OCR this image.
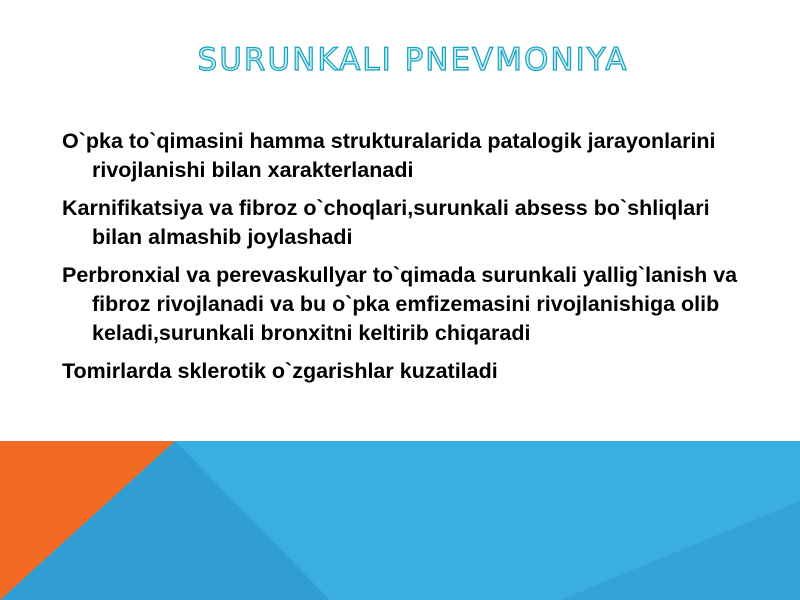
SURUNKALI PNEVMONIYA
O`pka to`qimasini hamma strukturalarida patalogik jarayonlarini rivojlanishi bilan xarakterlanadi
Karnifikatsiya va fibroz o`choqlari,surunkali absess bo`shliqlari bilan almashib joylashadi
Perbronxial va perevaskullyar to`qimada surunkali yallig`lanish va fibroz rivojlanadi va bu o`pka emfizemasini rivojlanishiga olib keladi,surunkali bronxitni keltirib chiqaradi
Tomirlarda sklerotik o`zgarishlar kuzatiladi
